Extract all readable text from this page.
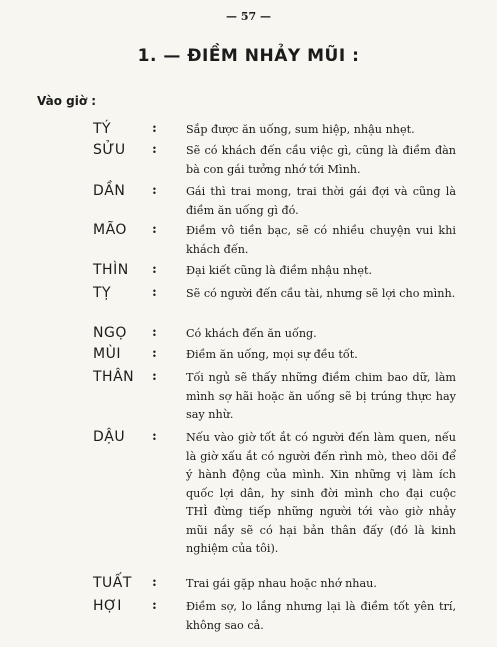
— 57 —
1. — ĐIỀM NHẢY MŨI :
Vào giờ :
TÝ	:	Sắp được ăn uống, sum hiệp, nhậu nhẹt.
SỬU :	Sẽ có khách đến cầu việc gì, cũng là điềm đàn bà con gái tưởng nhớ tới Mình.
DẦN :	Gái thì trai mong, trai thời gái đợi và cũng là điềm ăn uống gì đó.
MÃO :	Điềm vô tiền bạc, sẽ có nhiều chuyện vui khi khách đến.
THÌN :	Đại kiết cũng là điềm nhậu nhẹt.
TỴ	:	Sẽ có người đến cầu tài, nhưng sẽ lợi cho mình.
NGỌ :	Có khách đến ăn uống.
MÙI :	Điềm ăn uống, mọi sự đều tốt.
THÂN :	Tối ngủ sẽ thấy những điềm chim bao dữ, làm mình sợ hãi hoặc ăn uống sẽ bị trúng thực hay say nhừ.
DẬU :	Nếu vào giờ tốt ắt có người đến làm quen, nếu là giờ xấu ắt có người đến rình mò, theo dõi để ý hành động của mình. Xin những vị làm ích quốc lợi dân, hy sinh đời mình cho đại cuộc THÌ đừng tiếp những người tới vào giờ nhảy mũi nầy sẽ có hại bản thân đấy (đó là kinh nghiệm của tôi).
TUẤT :	Trai gái gặp nhau hoặc nhớ nhau.
HỢI :	Điềm sợ, lo lắng nhưng lại là điềm tốt yên trí, không sao cả.
